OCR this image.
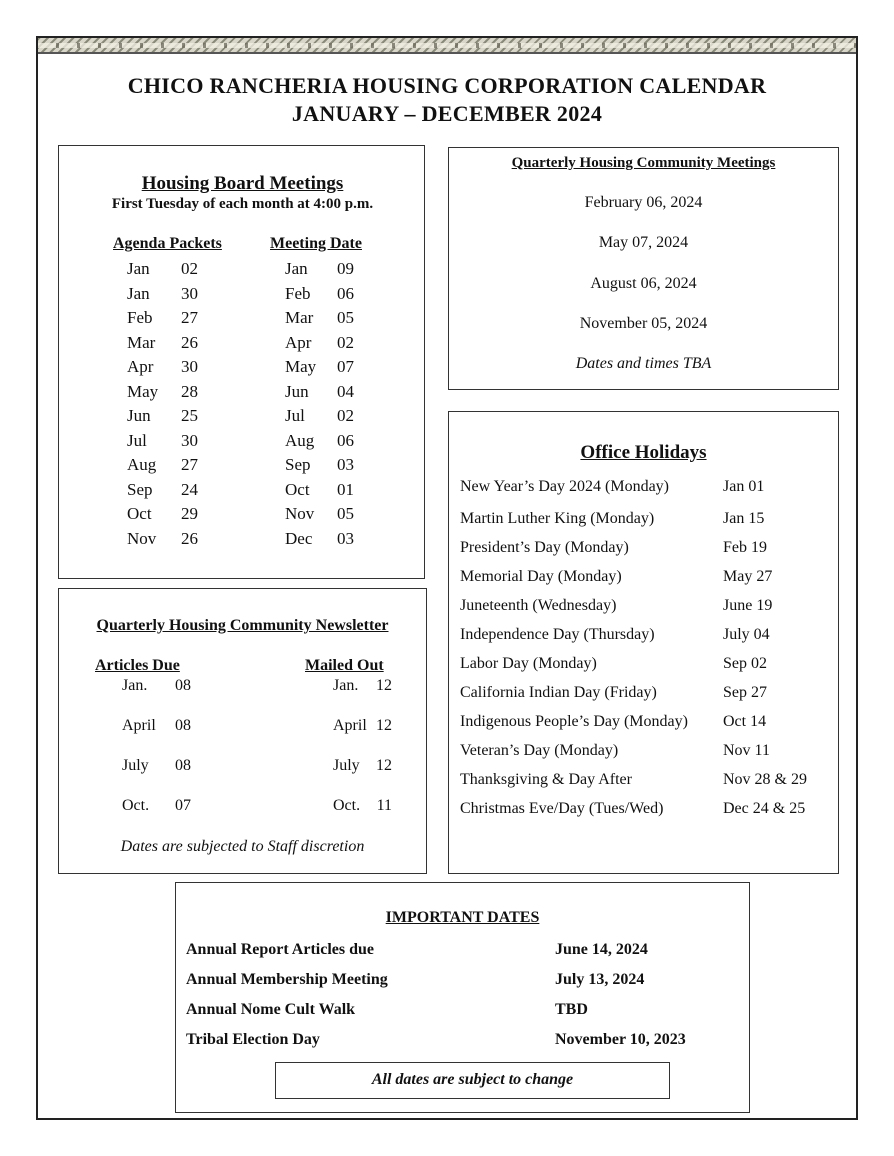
CHICO RANCHERIA HOUSING CORPORATION CALENDAR
JANUARY – DECEMBER 2024
Housing Board Meetings
First Tuesday of each month at 4:00 p.m.
Agenda Packets	Meeting Date
Jan 02	Jan 09
Jan 30	Feb 06
Feb 27	Mar 05
Mar 26	Apr 02
Apr 30	May 07
May 28	Jun 04
Jun 25	Jul 02
Jul 30	Aug 06
Aug 27	Sep 03
Sep 24	Oct 01
Oct 29	Nov 05
Nov 26	Dec 03
Quarterly Housing Community Meetings
February 06, 2024
May 07, 2024
August 06, 2024
November 05, 2024
Dates and times TBA
Quarterly Housing Community Newsletter
Articles Due	Mailed Out
Jan. 08	Jan. 12
April 08	April 12
July 08	July 12
Oct. 07	Oct. 11
Dates are subjected to Staff discretion
Office Holidays
New Year’s Day 2024 (Monday)	Jan 01
Martin Luther King (Monday)	Jan 15
President’s Day (Monday)	Feb 19
Memorial Day (Monday)	May 27
Juneteenth (Wednesday)	June 19
Independence Day (Thursday)	July 04
Labor Day (Monday)	Sep 02
California Indian Day (Friday)	Sep 27
Indigenous People’s Day (Monday) Oct 14
Veteran’s Day (Monday)	Nov 11
Thanksgiving & Day After	Nov 28 & 29
Christmas Eve/Day (Tues/Wed)	Dec 24 & 25
IMPORTANT DATES
Annual Report Articles due	June 14, 2024
Annual Membership Meeting	July 13, 2024
Annual Nome Cult Walk	TBD
Tribal Election Day	November 10, 2023
All dates are subject to change
